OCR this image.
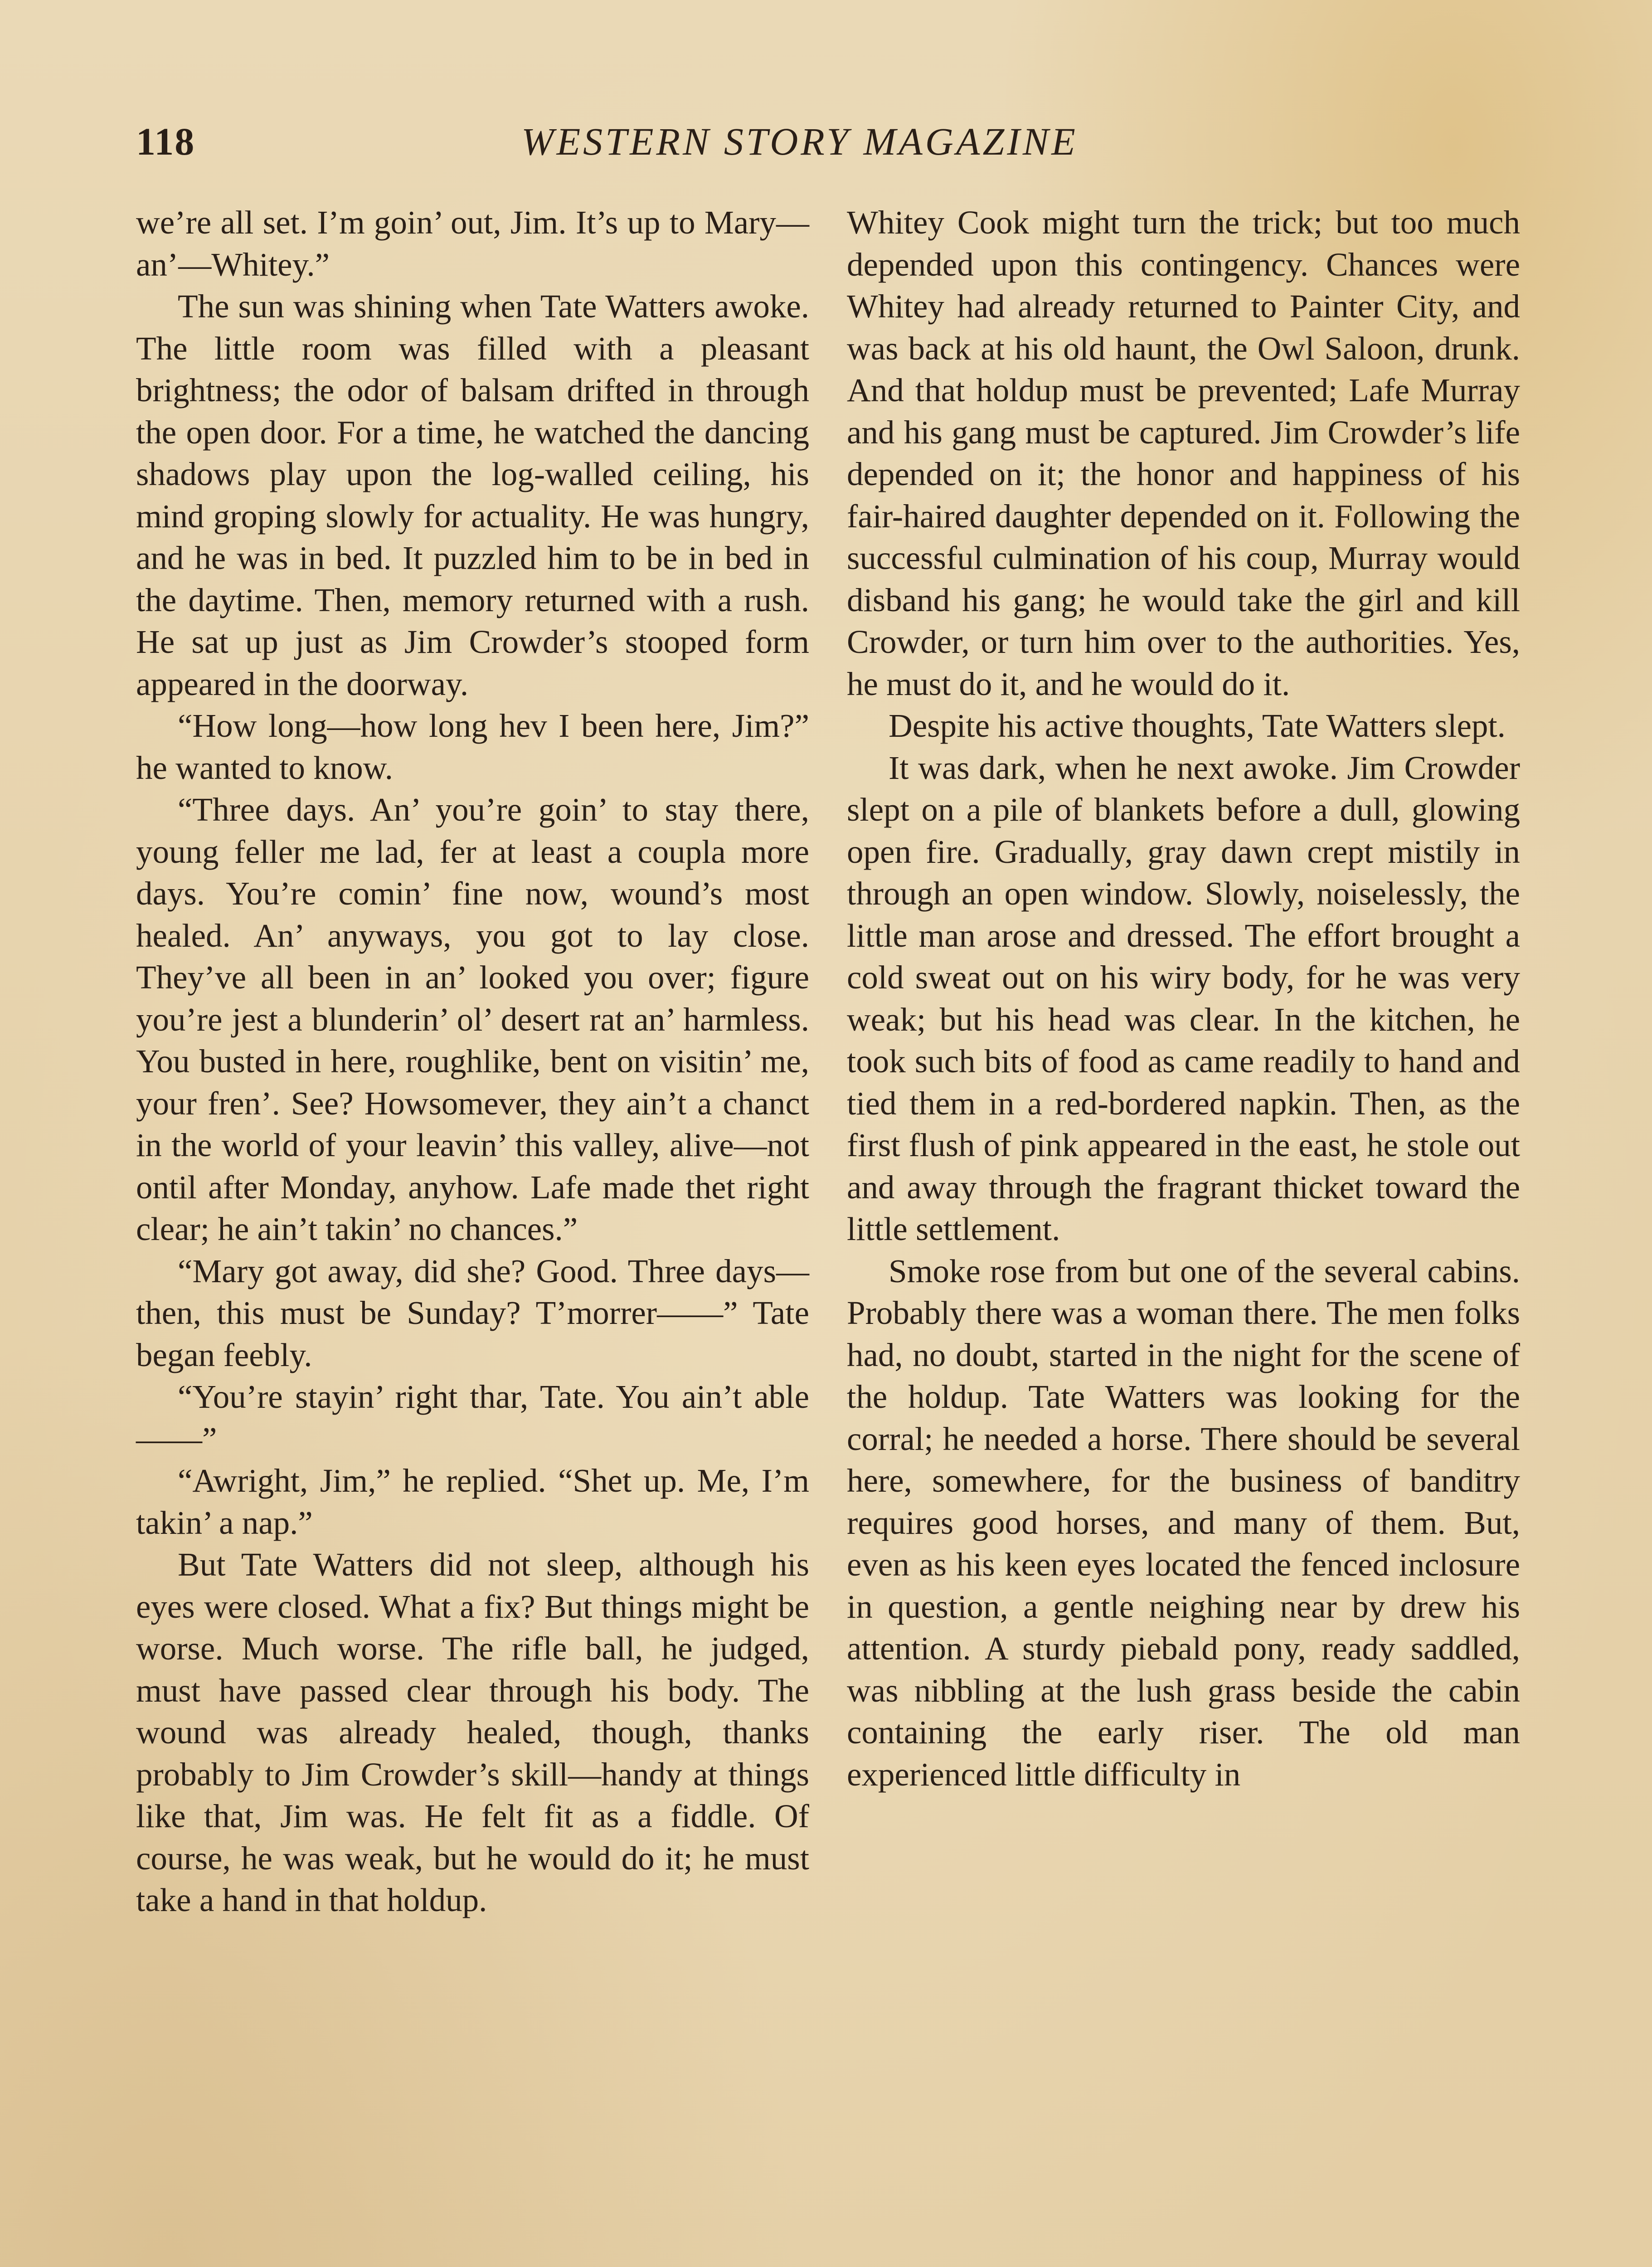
118	WESTERN STORY MAGAZINE

we’re all set. I’m goin’ out, Jim. It’s up to Mary—an’—Whitey.”

The sun was shining when Tate Watters awoke. The little room was filled with a pleasant brightness; the odor of balsam drifted in through the open door. For a time, he watched the dancing shadows play upon the log-walled ceiling, his mind groping slowly for actuality. He was hungry, and he was in bed. It puzzled him to be in bed in the daytime. Then, memory returned with a rush. He sat up just as Jim Crowder’s stooped form appeared in the doorway.

“How long—how long hev I been here, Jim?” he wanted to know.

“Three days. An’ you’re goin’ to stay there, young feller me lad, fer at least a coupla more days. You’re comin’ fine now, wound’s most healed. An’ anyways, you got to lay close. They’ve all been in an’ looked you over; figure you’re jest a blunderin’ ol’ desert rat an’ harmless. You busted in here, roughlike, bent on visitin’ me, your fren’. See? Howsomever, they ain’t a chanct in the world of your leavin’ this valley, alive—not ontil after Monday, anyhow. Lafe made thet right clear; he ain’t takin’ no chances.”

“Mary got away, did she? Good. Three days—then, this must be Sunday? T’morrer——” Tate began feebly.

“You’re stayin’ right thar, Tate. You ain’t able——”

“Awright, Jim,” he replied. “Shet up. Me, I’m takin’ a nap.”

But Tate Watters did not sleep, although his eyes were closed. What a fix? But things might be worse. Much worse. The rifle ball, he judged, must have passed clear through his body. The wound was already healed, though, thanks probably to Jim Crowder’s skill—handy at things like that, Jim was. He felt fit as a fiddle. Of course, he was weak, but he would do it; he must take a hand in that holdup.

Whitey Cook might turn the trick; but too much depended upon this contingency. Chances were Whitey had already returned to Painter City, and was back at his old haunt, the Owl Saloon, drunk. And that holdup must be prevented; Lafe Murray and his gang must be captured. Jim Crowder’s life depended on it; the honor and happiness of his fair-haired daughter depended on it. Following the successful culmination of his coup, Murray would disband his gang; he would take the girl and kill Crowder, or turn him over to the authorities. Yes, he must do it, and he would do it.

Despite his active thoughts, Tate Watters slept.

It was dark, when he next awoke. Jim Crowder slept on a pile of blankets before a dull, glowing open fire. Gradually, gray dawn crept mistily in through an open window. Slowly, noiselessly, the little man arose and dressed. The effort brought a cold sweat out on his wiry body, for he was very weak; but his head was clear. In the kitchen, he took such bits of food as came readily to hand and tied them in a red-bordered napkin. Then, as the first flush of pink appeared in the east, he stole out and away through the fragrant thicket toward the little settlement.

Smoke rose from but one of the several cabins. Probably there was a woman there. The men folks had, no doubt, started in the night for the scene of the holdup. Tate Watters was looking for the corral; he needed a horse. There should be several here, somewhere, for the business of banditry requires good horses, and many of them. But, even as his keen eyes located the fenced inclosure in question, a gentle neighing near by drew his attention. A sturdy piebald pony, ready saddled, was nibbling at the lush grass beside the cabin containing the early riser. The old man experienced little difficulty in
